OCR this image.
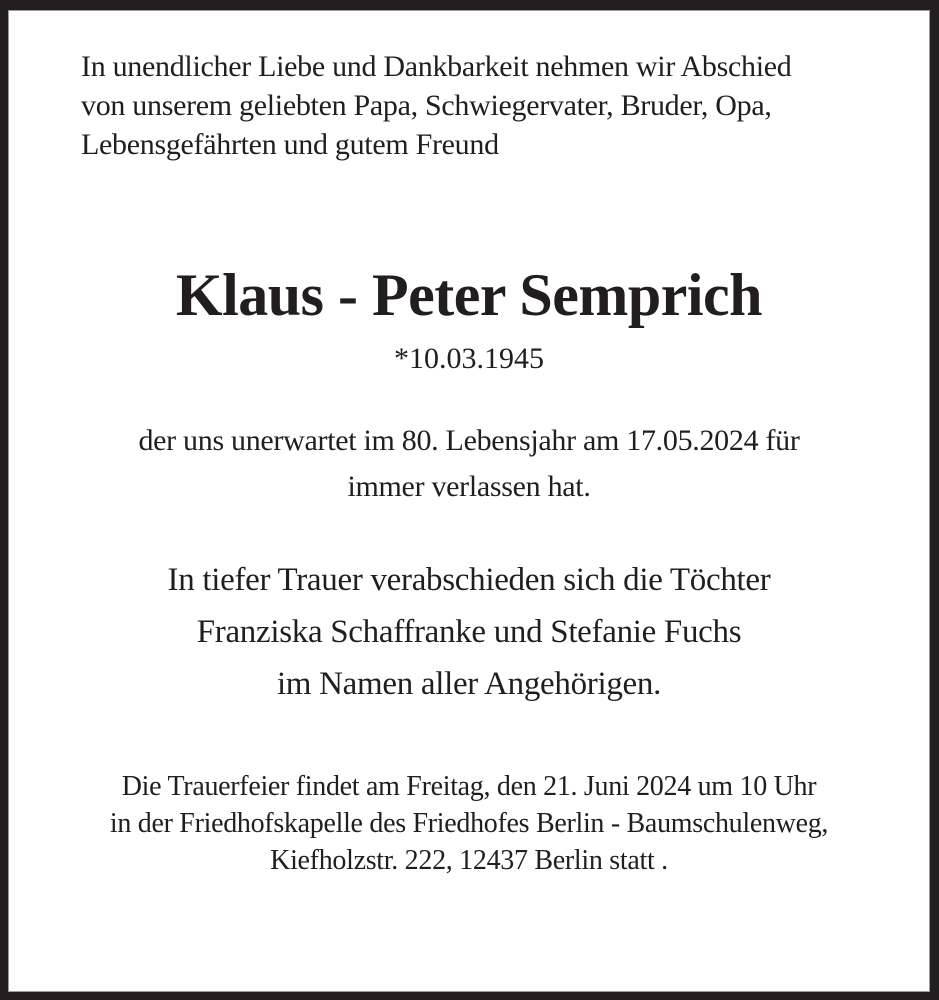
In unendlicher Liebe und Dankbarkeit nehmen wir Abschied
von unserem geliebten Papa, Schwiegervater, Bruder, Opa,
Lebensgefährten und gutem Freund
Klaus - Peter Semprich
*10.03.1945
der uns unerwartet im 80. Lebensjahr am 17.05.2024 für
immer verlassen hat.
In tiefer Trauer verabschieden sich die Töchter
Franziska Schaffranke und Stefanie Fuchs
im Namen aller Angehörigen.
Die Trauerfeier findet am Freitag, den 21. Juni 2024 um 10 Uhr
in der Friedhofskapelle des Friedhofes Berlin - Baumschulenweg,
Kiefholzstr. 222, 12437 Berlin statt .
